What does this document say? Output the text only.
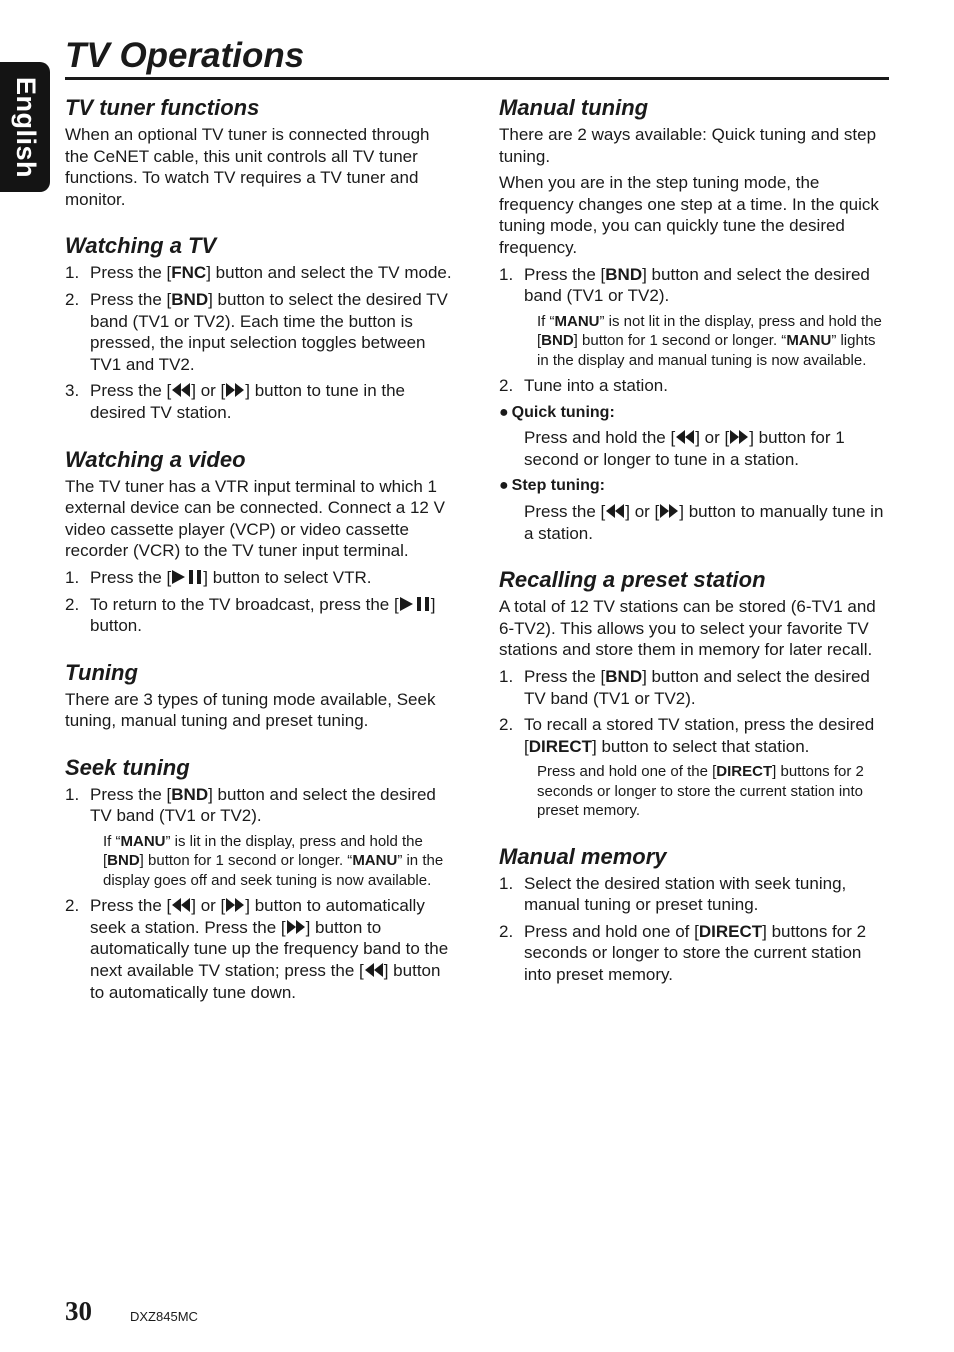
English
TV Operations
TV tuner functions

When an optional TV tuner is connected through the CeNET cable, this unit controls all TV tuner functions. To watch TV requires a TV tuner and monitor.

Watching a TV
1. Press the [FNC] button and select the TV mode.
2. Press the [BND] button to select the desired TV band (TV1 or TV2). Each time the button is pressed, the input selection toggles between TV1 and TV2.
3. Press the [ ] or [ ] button to tune in the desired TV station.
Watching a video

The TV tuner has a VTR input terminal to which 1 external device can be connected. Connect a 12 V video cassette player (VCP) or video cassette recorder (VCR) to the TV tuner input terminal.

1. Press the [ ] button to select VTR.
2. To return to the TV broadcast, press the [ ] button.
Tuning

There are 3 types of tuning mode available, Seek tuning, manual tuning and preset tuning.

Seek tuning
1. Press the [BND] button and select the desired TV band (TV1 or TV2).
If “MANU” is lit in the display, press and hold the [BND] button for 1 second or longer. “MANU” in the display goes off and seek tuning is now available.
2. Press the [ ] or [ ] button to automatically seek a station. Press the [ ] button to automatically tune up the frequency band to the next available TV station; press the [ ] button to automatically tune down.
Manual tuning

There are 2 ways available: Quick tuning and step tuning.

When you are in the step tuning mode, the frequency changes one step at a time. In the quick tuning mode, you can quickly tune the desired frequency.

1. Press the [BND] button and select the desired band (TV1 or TV2).
If “MANU” is not lit in the display, press and hold the [BND] button for 1 second or longer. “MANU” lights in the display and manual tuning is now available.
2. Tune into a station.
● Quick tuning:
Press and hold the [ ] or [ ] button for 1 second or longer to tune in a station.
● Step tuning:
Press the [ ] or [ ] button to manually tune in a station.
Recalling a preset station

A total of 12 TV stations can be stored (6-TV1 and 6-TV2). This allows you to select your favorite TV stations and store them in memory for later recall.

1. Press the [BND] button and select the desired TV band (TV1 or TV2).
2. To recall a stored TV station, press the desired [DIRECT] button to select that station.
Press and hold one of the [DIRECT] buttons for 2 seconds or longer to store the current station into preset memory.
Manual memory
1. Select the desired station with seek tuning, manual tuning or preset tuning.
2. Press and hold one of [DIRECT] buttons for 2 seconds or longer to store the current station into preset memory.
30	DXZ845MC
